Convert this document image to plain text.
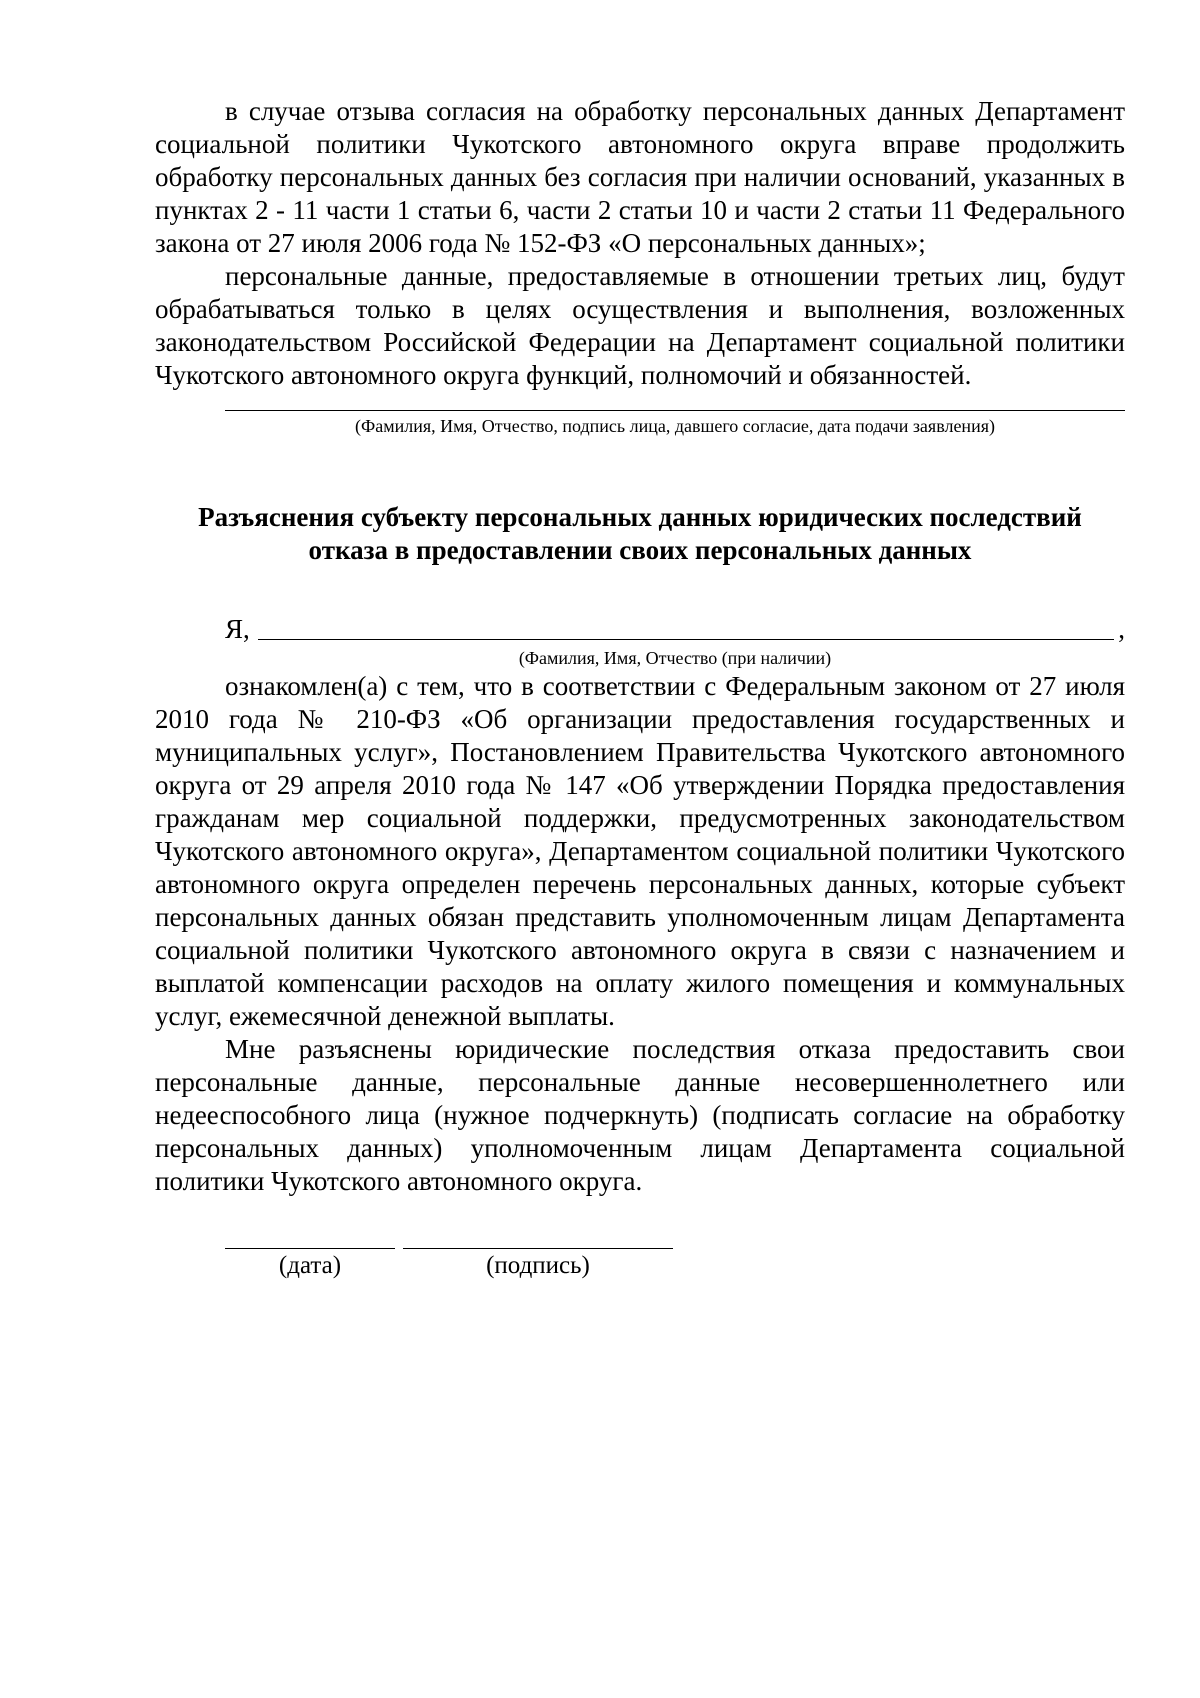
в случае отзыва согласия на обработку персональных данных Департамент социальной политики Чукотского автономного округа вправе продолжить обработку персональных данных без согласия при наличии оснований, указанных в пунктах 2 - 11 части 1 статьи 6, части 2 статьи 10 и части 2 статьи 11 Федерального закона от 27 июля 2006 года № 152-ФЗ «О персональных данных»;

персональные данные, предоставляемые в отношении третьих лиц, будут обрабатываться только в целях осуществления и выполнения, возложенных законодательством Российской Федерации на Департамент социальной политики Чукотского автономного округа функций, полномочий и обязанностей.

(Фамилия, Имя, Отчество, подпись лица, давшего согласие, дата подачи заявления)
Разъяснения субъекту персональных данных юридических последствий отказа в предоставлении своих персональных данных
Я,	,
(Фамилия, Имя, Отчество (при наличии)

ознакомлен(а) с тем, что в соответствии с Федеральным законом от 27 июля 2010 года № 210-ФЗ «Об организации предоставления государственных и муниципальных услуг», Постановлением Правительства Чукотского автономного округа от 29 апреля 2010 года № 147 «Об утверждении Порядка предоставления гражданам мер социальной поддержки, предусмотренных законодательством Чукотского автономного округа», Департаментом социальной политики Чукотского автономного округа определен перечень персональных данных, которые субъект персональных данных обязан представить уполномоченным лицам Департамента социальной политики Чукотского автономного округа в связи с назначением и выплатой компенсации расходов на оплату жилого помещения и коммунальных услуг, ежемесячной денежной выплаты.

Мне разъяснены юридические последствия отказа предоставить свои персональные данные, персональные данные несовершеннолетнего или недееспособного лица (нужное подчеркнуть) (подписать согласие на обработку персональных данных) уполномоченным лицам Департамента социальной политики Чукотского автономного округа.

(дата)	(подпись)
